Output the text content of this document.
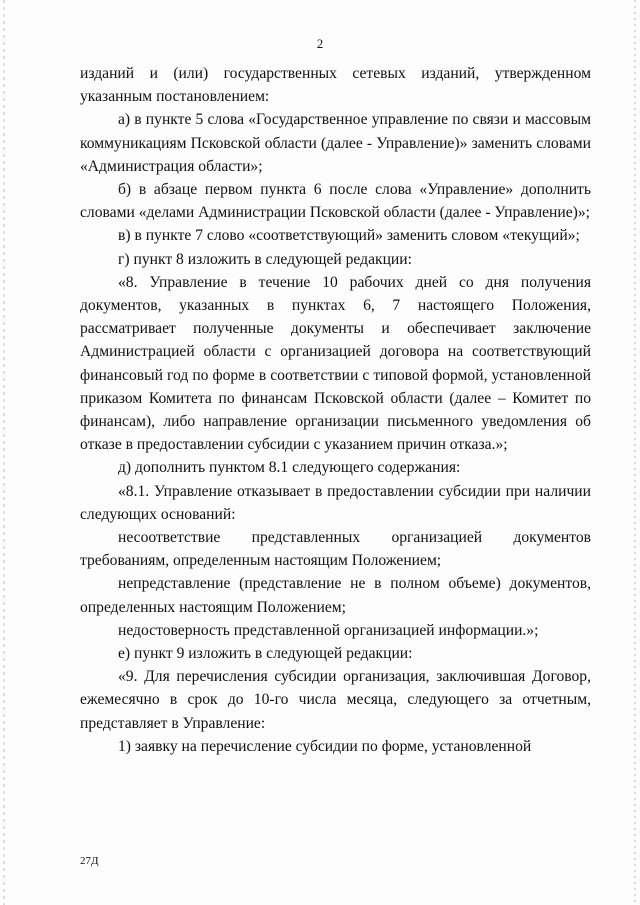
2

изданий и (или) государственных сетевых изданий, утвержденном указанным постановлением:

а) в пункте 5 слова «Государственное управление по связи и массовым коммуникациям Псковской области (далее - Управление)» заменить словами «Администрация области»;

б) в абзаце первом пункта 6 после слова «Управление» дополнить словами «делами Администрации Псковской области (далее - Управление)»;

в) в пункте 7 слово «соответствующий» заменить словом «текущий»;

г) пункт 8 изложить в следующей редакции:

«8. Управление в течение 10 рабочих дней со дня получения документов, указанных в пунктах 6, 7 настоящего Положения, рассматривает полученные документы и обеспечивает заключение Администрацией области с организацией договора на соответствующий финансовый год по форме в соответствии с типовой формой, установленной приказом Комитета по финансам Псковской области (далее – Комитет по финансам), либо направление организации письменного уведомления об отказе в предоставлении субсидии с указанием причин отказа.»;

д) дополнить пунктом 8.1 следующего содержания:

«8.1. Управление отказывает в предоставлении субсидии при наличии следующих оснований:

несоответствие представленных организацией документов требованиям, определенным настоящим Положением;

непредставление (представление не в полном объеме) документов, определенных настоящим Положением;

недостоверность представленной организацией информации.»;

е) пункт 9 изложить в следующей редакции:

«9. Для перечисления субсидии организация, заключившая Договор, ежемесячно в срок до 10-го числа месяца, следующего за отчетным, представляет в Управление:

1) заявку на перечисление субсидии по форме, установленной

27Д
